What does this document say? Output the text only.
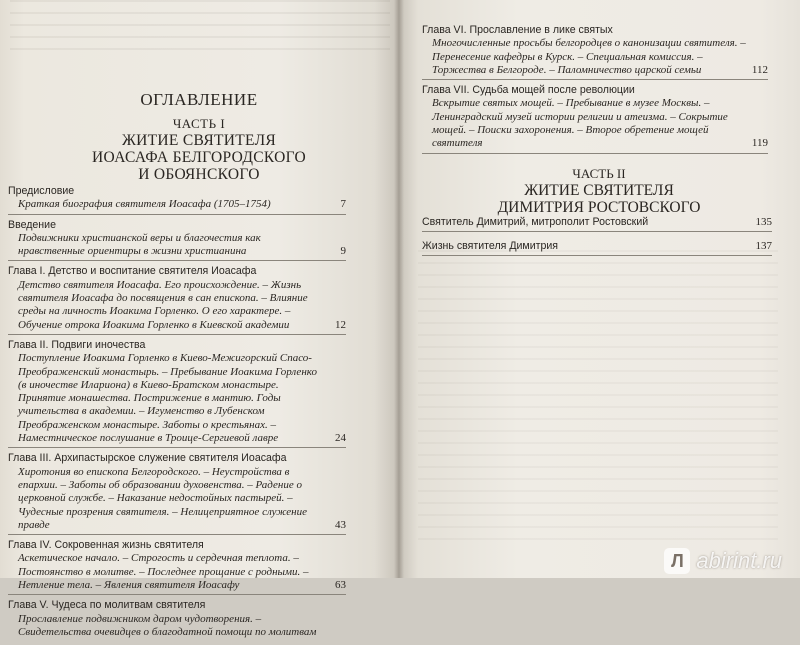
ОГЛАВЛЕНИЕ
ЧАСТЬ I
ЖИТИЕ СВЯТИТЕЛЯ
ИОАСАФА БЕЛГОРОДСКОГО
И ОБОЯНСКОГО
Предисловие
Краткая биография святителя Иоасафа (1705–1754)	7
Введение
Подвижники христианской веры и благочестия как нравственные ориентиры в жизни христианина	9
Глава I. Детство и воспитание святителя Иоасафа
Детство святителя Иоасафа. Его происхождение. – Жизнь святителя Иоасафа до посвящения в сан епископа. – Влияние среды на личность Иоакима Горленко. О его характере. – Обучение отрока Иоакима Горленко в Киевской академии	12
Глава II. Подвиги иночества
Поступление Иоакима Горленко в Киево-Межигорский Спасо-Преображенский монастырь. – Пребывание Иоакима Горленко (в иночестве Илариона) в Киево-Братском монастыре. Принятие монашества. Пострижение в мантию. Годы учительства в академии. – Игуменство в Лубенском Преображенском монастыре. Заботы о крестьянах. – Наместническое послушание в Троице-Сергиевой лавре	24
Глава III. Архипастырское служение святителя Иоасафа
Хиротония во епископа Белгородского. – Неустройства в епархии. – Заботы об образовании духовенства. – Радение о церковной службе. – Наказание недостойных пастырей. – Чудесные прозрения святителя. – Нелицеприятное служение правде	43
Глава IV. Сокровенная жизнь святителя
Аскетическое начало. – Строгость и сердечная теплота. – Постоянство в молитве. – Последнее прощание с родными. – Нетление тела. – Явления святителя Иоасафу	63
Глава V. Чудеса по молитвам святителя
Прославление подвижником даром чудотворения. – Свидетельства очевидцев о благодатной помощи по молитвам
Глава VI. Прославление в лике святых
Многочисленные просьбы белгородцев о канонизации святителя. – Перенесение кафедры в Курск. – Специальная комиссия. – Торжества в Белгороде. – Паломничество царской семьи	112
Глава VII. Судьба мощей после революции
Вскрытие святых мощей. – Пребывание в музее Москвы. – Ленинградский музей истории религии и атеизма. – Сокрытие мощей. – Поиски захоронения. – Второе обретение мощей святителя	119
ЧАСТЬ II
ЖИТИЕ СВЯТИТЕЛЯ
ДИМИТРИЯ РОСТОВСКОГО
Святитель Димитрий, митрополит Ростовский	135
Жизнь святителя Димитрия	137
Л abirint.ru
